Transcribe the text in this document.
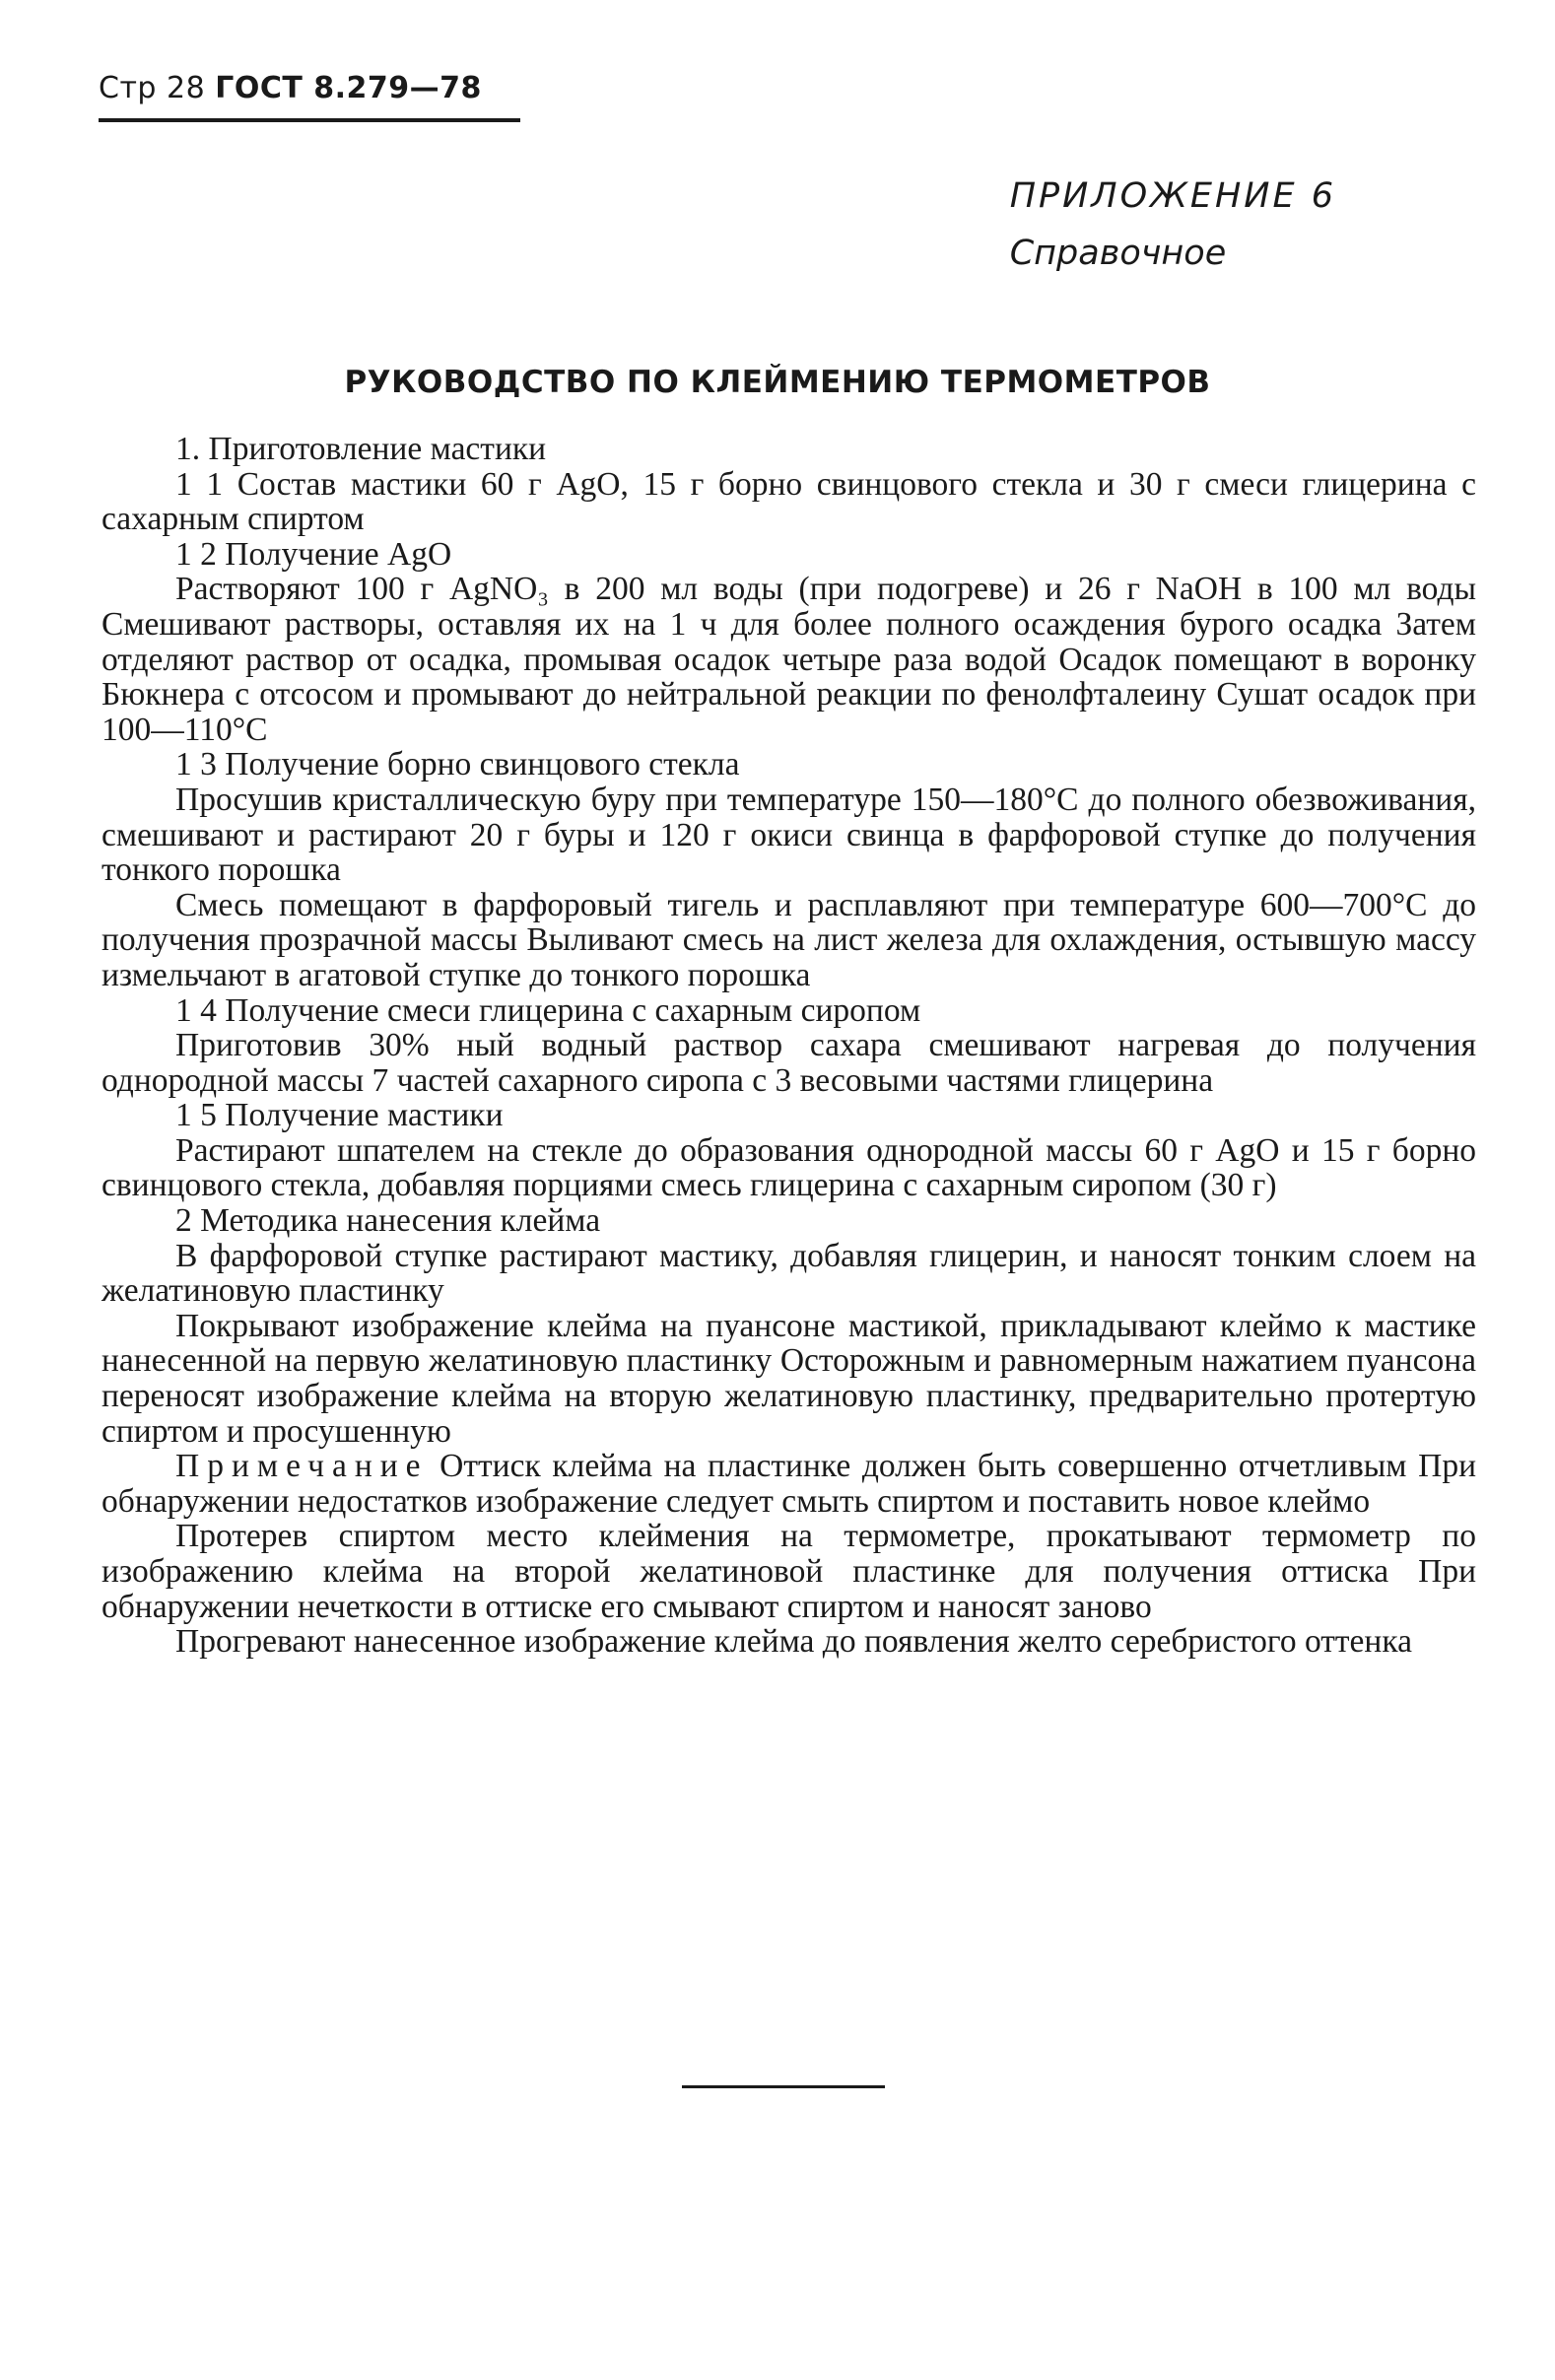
Стр 28 ГОСТ 8.279—78
ПРИЛОЖЕНИЕ 6
Справочное
РУКОВОДСТВО ПО КЛЕЙМЕНИЮ ТЕРМОМЕТРОВ

1. Приготовление мастики

1 1 Состав мастики 60 г AgO, 15 г борно свинцового стекла и 30 г смеси глицерина с сахарным спиртом

1 2 Получение AgO

Растворяют 100 г AgNO₃ в 200 мл воды (при подогреве) и 26 г NaOH в 100 мл воды Смешивают растворы, оставляя их на 1 ч для более полного осаждения бурого осадка Затем отделяют раствор от осадка, промывая осадок четыре раза водой Осадок помещают в воронку Бюкнера с отсосом и промывают до нейтральной реакции по фенолфталеину Сушат осадок при 100—110°С

1 3 Получение борно свинцового стекла

Просушив кристаллическую буру при температуре 150—180°С до полного обезвоживания, смешивают и растирают 20 г буры и 120 г окиси свинца в фарфоровой ступке до получения тонкого порошка

Смесь помещают в фарфоровый тигель и расплавляют при температуре 600—700°С до получения прозрачной массы Выливают смесь на лист железа для охлаждения, остывшую массу измельчают в агатовой ступке до тонкого порошка

1 4 Получение смеси глицерина с сахарным сиропом

Приготовив 30% ный водный раствор сахара смешивают нагревая до получения однородной массы 7 частей сахарного сиропа с 3 весовыми частями глицерина

1 5 Получение мастики

Растирают шпателем на стекле до образования однородной массы 60 г AgO и 15 г борно свинцового стекла, добавляя порциями смесь глицерина с сахарным сиропом (30 г)

2 Методика нанесения клейма

В фарфоровой ступке растирают мастику, добавляя глицерин, и наносят тонким слоем на желатиновую пластинку

Покрывают изображение клейма на пуансоне мастикой, прикладывают клеймо к мастике нанесенной на первую желатиновую пластинку Осторожным и равномерным нажатием пуансона переносят изображение клейма на вторую желатиновую пластинку, предварительно протертую спиртом и просушенную

Примечание Оттиск клейма на пластинке должен быть совершенно отчетливым При обнаружении недостатков изображение следует смыть спиртом и поставить новое клеймо

Протерев спиртом место клеймения на термометре, прокатывают термометр по изображению клейма на второй желатиновой пластинке для получения оттиска При обнаружении нечеткости в оттиске его смывают спиртом и наносят заново

Прогревают нанесенное изображение клейма до появления желто серебристого оттенка
